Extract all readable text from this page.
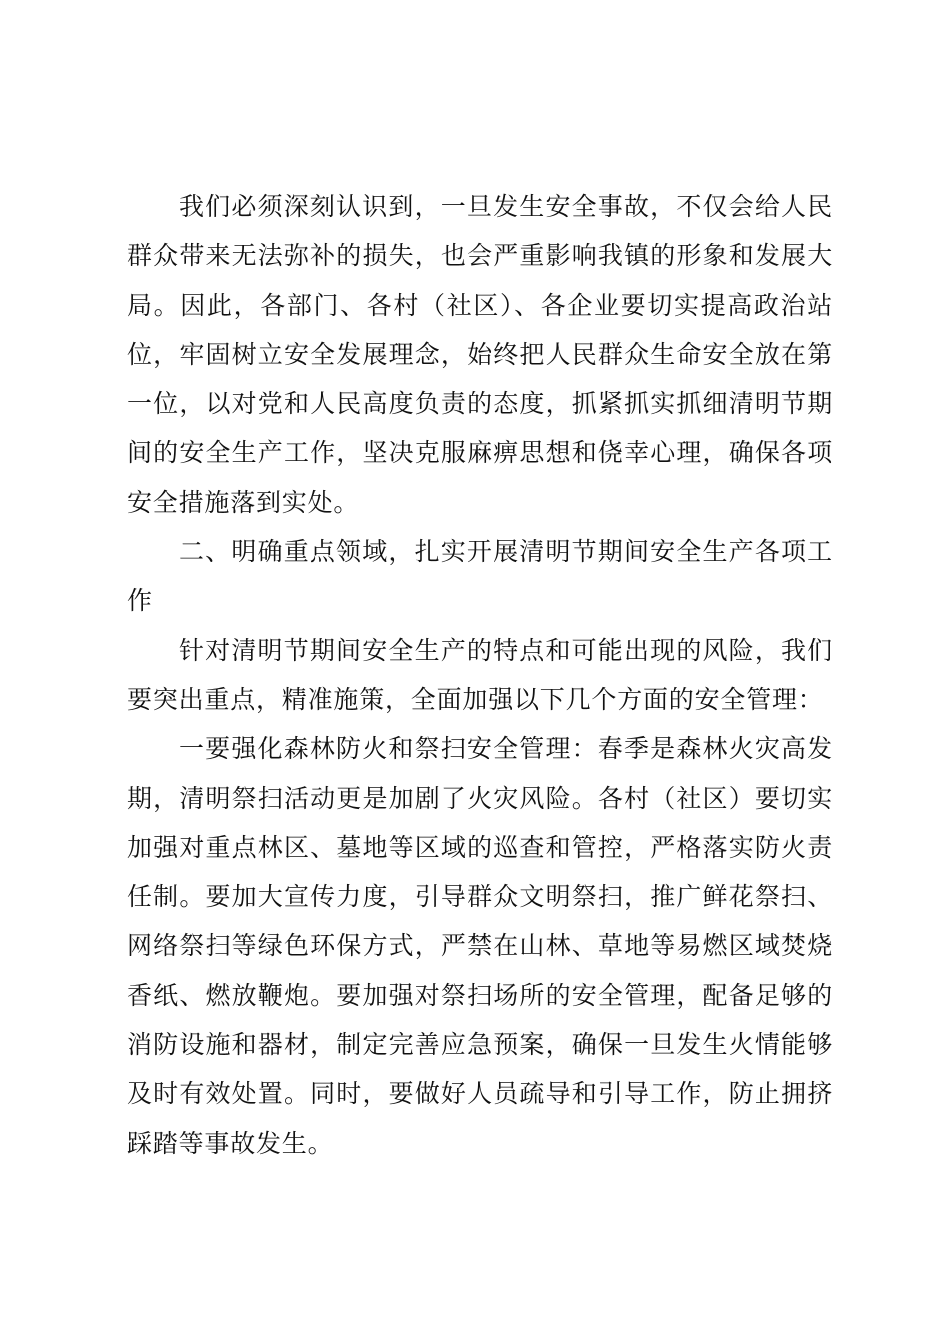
我们必须深刻认识到，一旦发生安全事故，不仅会给人民群众带来无法弥补的损失，也会严重影响我镇的形象和发展大局。因此，各部门、各村（社区）、各企业要切实提高政治站位，牢固树立安全发展理念，始终把人民群众生命安全放在第一位，以对党和人民高度负责的态度，抓紧抓实抓细清明节期间的安全生产工作，坚决克服麻痹思想和侥幸心理，确保各项安全措施落到实处。

二、明确重点领域，扎实开展清明节期间安全生产各项工作

针对清明节期间安全生产的特点和可能出现的风险，我们要突出重点，精准施策，全面加强以下几个方面的安全管理：

一要强化森林防火和祭扫安全管理：春季是森林火灾高发期，清明祭扫活动更是加剧了火灾风险。各村（社区）要切实加强对重点林区、墓地等区域的巡查和管控，严格落实防火责任制。要加大宣传力度，引导群众文明祭扫，推广鲜花祭扫、网络祭扫等绿色环保方式，严禁在山林、草地等易燃区域焚烧香纸、燃放鞭炮。要加强对祭扫场所的安全管理，配备足够的消防设施和器材，制定完善应急预案，确保一旦发生火情能够及时有效处置。同时，要做好人员疏导和引导工作，防止拥挤踩踏等事故发生。
